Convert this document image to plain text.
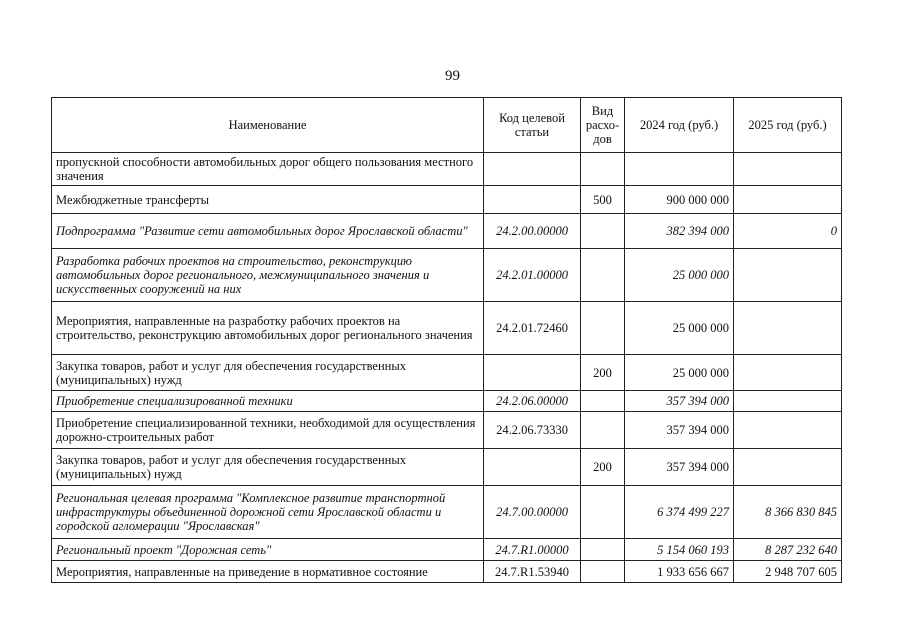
99
Наименование	Код целевой статьи	Вид расхо-дов	2024 год (руб.)	2025 год (руб.)
пропускной способности автомобильных дорог общего пользования местного значения				
Межбюджетные трансферты		500	900 000 000	
Подпрограмма "Развитие сети автомобильных дорог Ярославской области"	24.2.00.00000		382 394 000	0
Разработка рабочих проектов на строительство, реконструкцию автомобильных дорог регионального, межмуниципального значения и искусственных сооружений на них	24.2.01.00000		25 000 000	
Мероприятия, направленные на разработку рабочих проектов на строительство, реконструкцию автомобильных дорог регионального значения	24.2.01.72460		25 000 000	
Закупка товаров, работ и услуг для обеспечения государственных (муниципальных) нужд		200	25 000 000	
Приобретение специализированной техники	24.2.06.00000		357 394 000	
Приобретение специализированной техники, необходимой для осуществления дорожно-строительных работ	24.2.06.73330		357 394 000	
Закупка товаров, работ и услуг для обеспечения государственных (муниципальных) нужд		200	357 394 000	
Региональная целевая программа "Комплексное развитие транспортной инфраструктуры объединенной дорожной сети Ярославской области и городской агломерации "Ярославская"	24.7.00.00000		6 374 499 227	8 366 830 845
Региональный проект "Дорожная сеть"	24.7.R1.00000		5 154 060 193	8 287 232 640
Мероприятия, направленные на приведение в нормативное состояние	24.7.R1.53940		1 933 656 667	2 948 707 605
